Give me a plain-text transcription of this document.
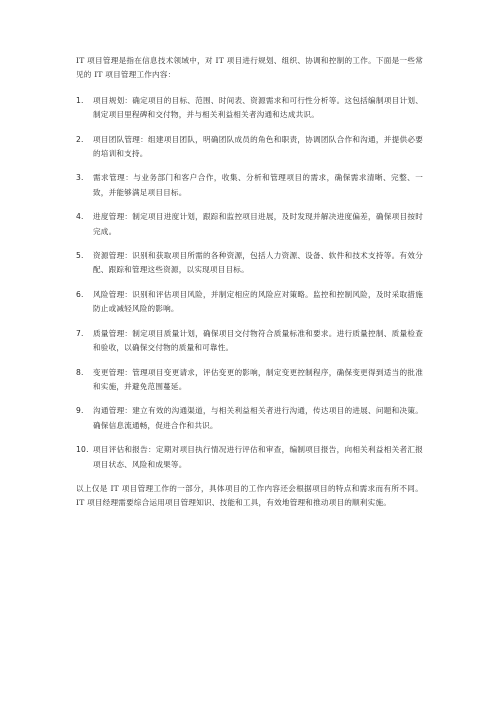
IT 项目管理是指在信息技术领域中，对 IT 项目进行规划、组织、协调和控制的工作。下面是一些常见的 IT 项目管理工作内容：

1. 项目规划：确定项目的目标、范围、时间表、资源需求和可行性分析等。这包括编制项目计划、制定项目里程碑和交付物，并与相关利益相关者沟通和达成共识。
2. 项目团队管理：组建项目团队，明确团队成员的角色和职责，协调团队合作和沟通，并提供必要的培训和支持。
3. 需求管理：与业务部门和客户合作，收集、分析和管理项目的需求，确保需求清晰、完整、一致，并能够满足项目目标。
4. 进度管理：制定项目进度计划，跟踪和监控项目进展，及时发现并解决进度偏差，确保项目按时完成。
5. 资源管理：识别和获取项目所需的各种资源，包括人力资源、设备、软件和技术支持等。有效分配、跟踪和管理这些资源，以实现项目目标。
6. 风险管理：识别和评估项目风险，并制定相应的风险应对策略。监控和控制风险，及时采取措施防止或减轻风险的影响。
7. 质量管理：制定项目质量计划，确保项目交付物符合质量标准和要求。进行质量控制、质量检查和验收，以确保交付物的质量和可靠性。
8. 变更管理：管理项目变更请求，评估变更的影响，制定变更控制程序，确保变更得到适当的批准和实施，并避免范围蔓延。
9. 沟通管理：建立有效的沟通渠道，与相关利益相关者进行沟通，传达项目的进展、问题和决策。确保信息流通畅，促进合作和共识。
10. 项目评估和报告：定期对项目执行情况进行评估和审查，编制项目报告，向相关利益相关者汇报项目状态、风险和成果等。

以上仅是 IT 项目管理工作的一部分，具体项目的工作内容还会根据项目的特点和需求而有所不同。IT 项目经理需要综合运用项目管理知识、技能和工具，有效地管理和推动项目的顺利实施。
